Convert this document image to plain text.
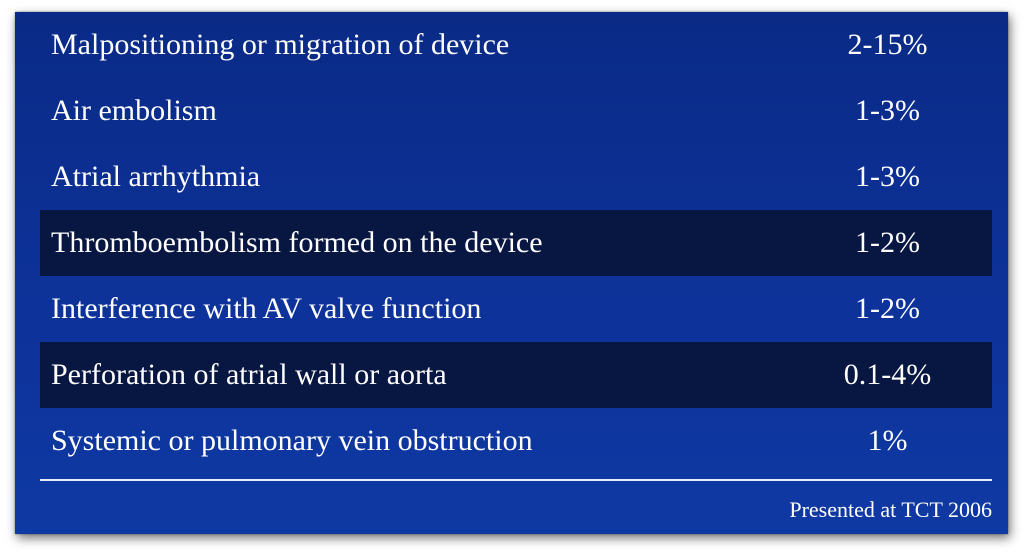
Malpositioning or migration of device	2-15%
Air embolism	1-3%
Atrial arrhythmia	1-3%
Thromboembolism formed on the device	1-2%
Interference with AV valve function	1-2%
Perforation of atrial wall or aorta	0.1-4%
Systemic or pulmonary vein obstruction	1%
Presented at TCT 2006
